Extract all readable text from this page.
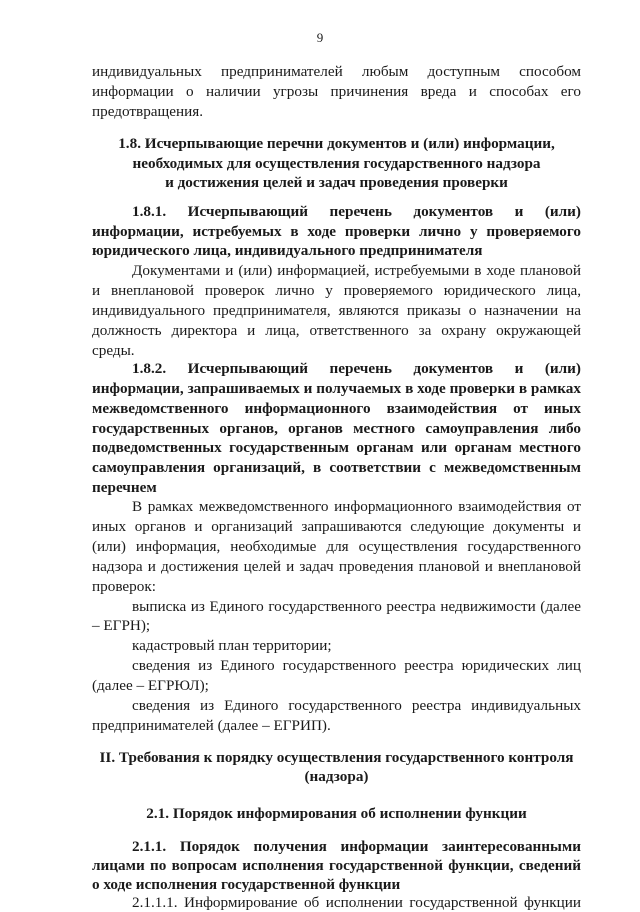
9
индивидуальных предпринимателей любым доступным способом
информации о наличии угрозы причинения вреда и способах его
предотвращения.
1.8. Исчерпывающие перечни документов и (или) информации,
необходимых для осуществления государственного надзора
и достижения целей и задач проведения проверки
1.8.1. Исчерпывающий перечень документов и (или)
информации, истребуемых в ходе проверки лично у проверяемого
юридического лица, индивидуального предпринимателя
Документами и (или) информацией, истребуемыми в ходе плановой
и внеплановой проверок лично у проверяемого юридического лица,
индивидуального предпринимателя, являются приказы о назначении на
должность директора и лица, ответственного за охрану окружающей
среды.
1.8.2. Исчерпывающий перечень документов и (или)
информации, запрашиваемых и получаемых в ходе проверки в рамках
межведомственного информационного взаимодействия от иных
государственных органов, органов местного самоуправления либо
подведомственных государственным органам или органам местного
самоуправления организаций, в соответствии с межведомственным
перечнем
В рамках межведомственного информационного взаимодействия от
иных органов и организаций запрашиваются следующие документы и
(или) информация, необходимые для осуществления государственного
надзора и достижения целей и задач проведения плановой и внеплановой
проверок:
выписка из Единого государственного реестра недвижимости (далее
– ЕГРН);
кадастровый план территории;
сведения из Единого государственного реестра юридических лиц
(далее – ЕГРЮЛ);
сведения из Единого государственного реестра индивидуальных
предпринимателей (далее – ЕГРИП).
II. Требования к порядку осуществления государственного контроля
(надзора)
2.1. Порядок информирования об исполнении функции
2.1.1. Порядок получения информации заинтересованными
лицами по вопросам исполнения государственной функции, сведений
о ходе исполнения государственной функции
2.1.1.1. Информирование об исполнении государственной функции
